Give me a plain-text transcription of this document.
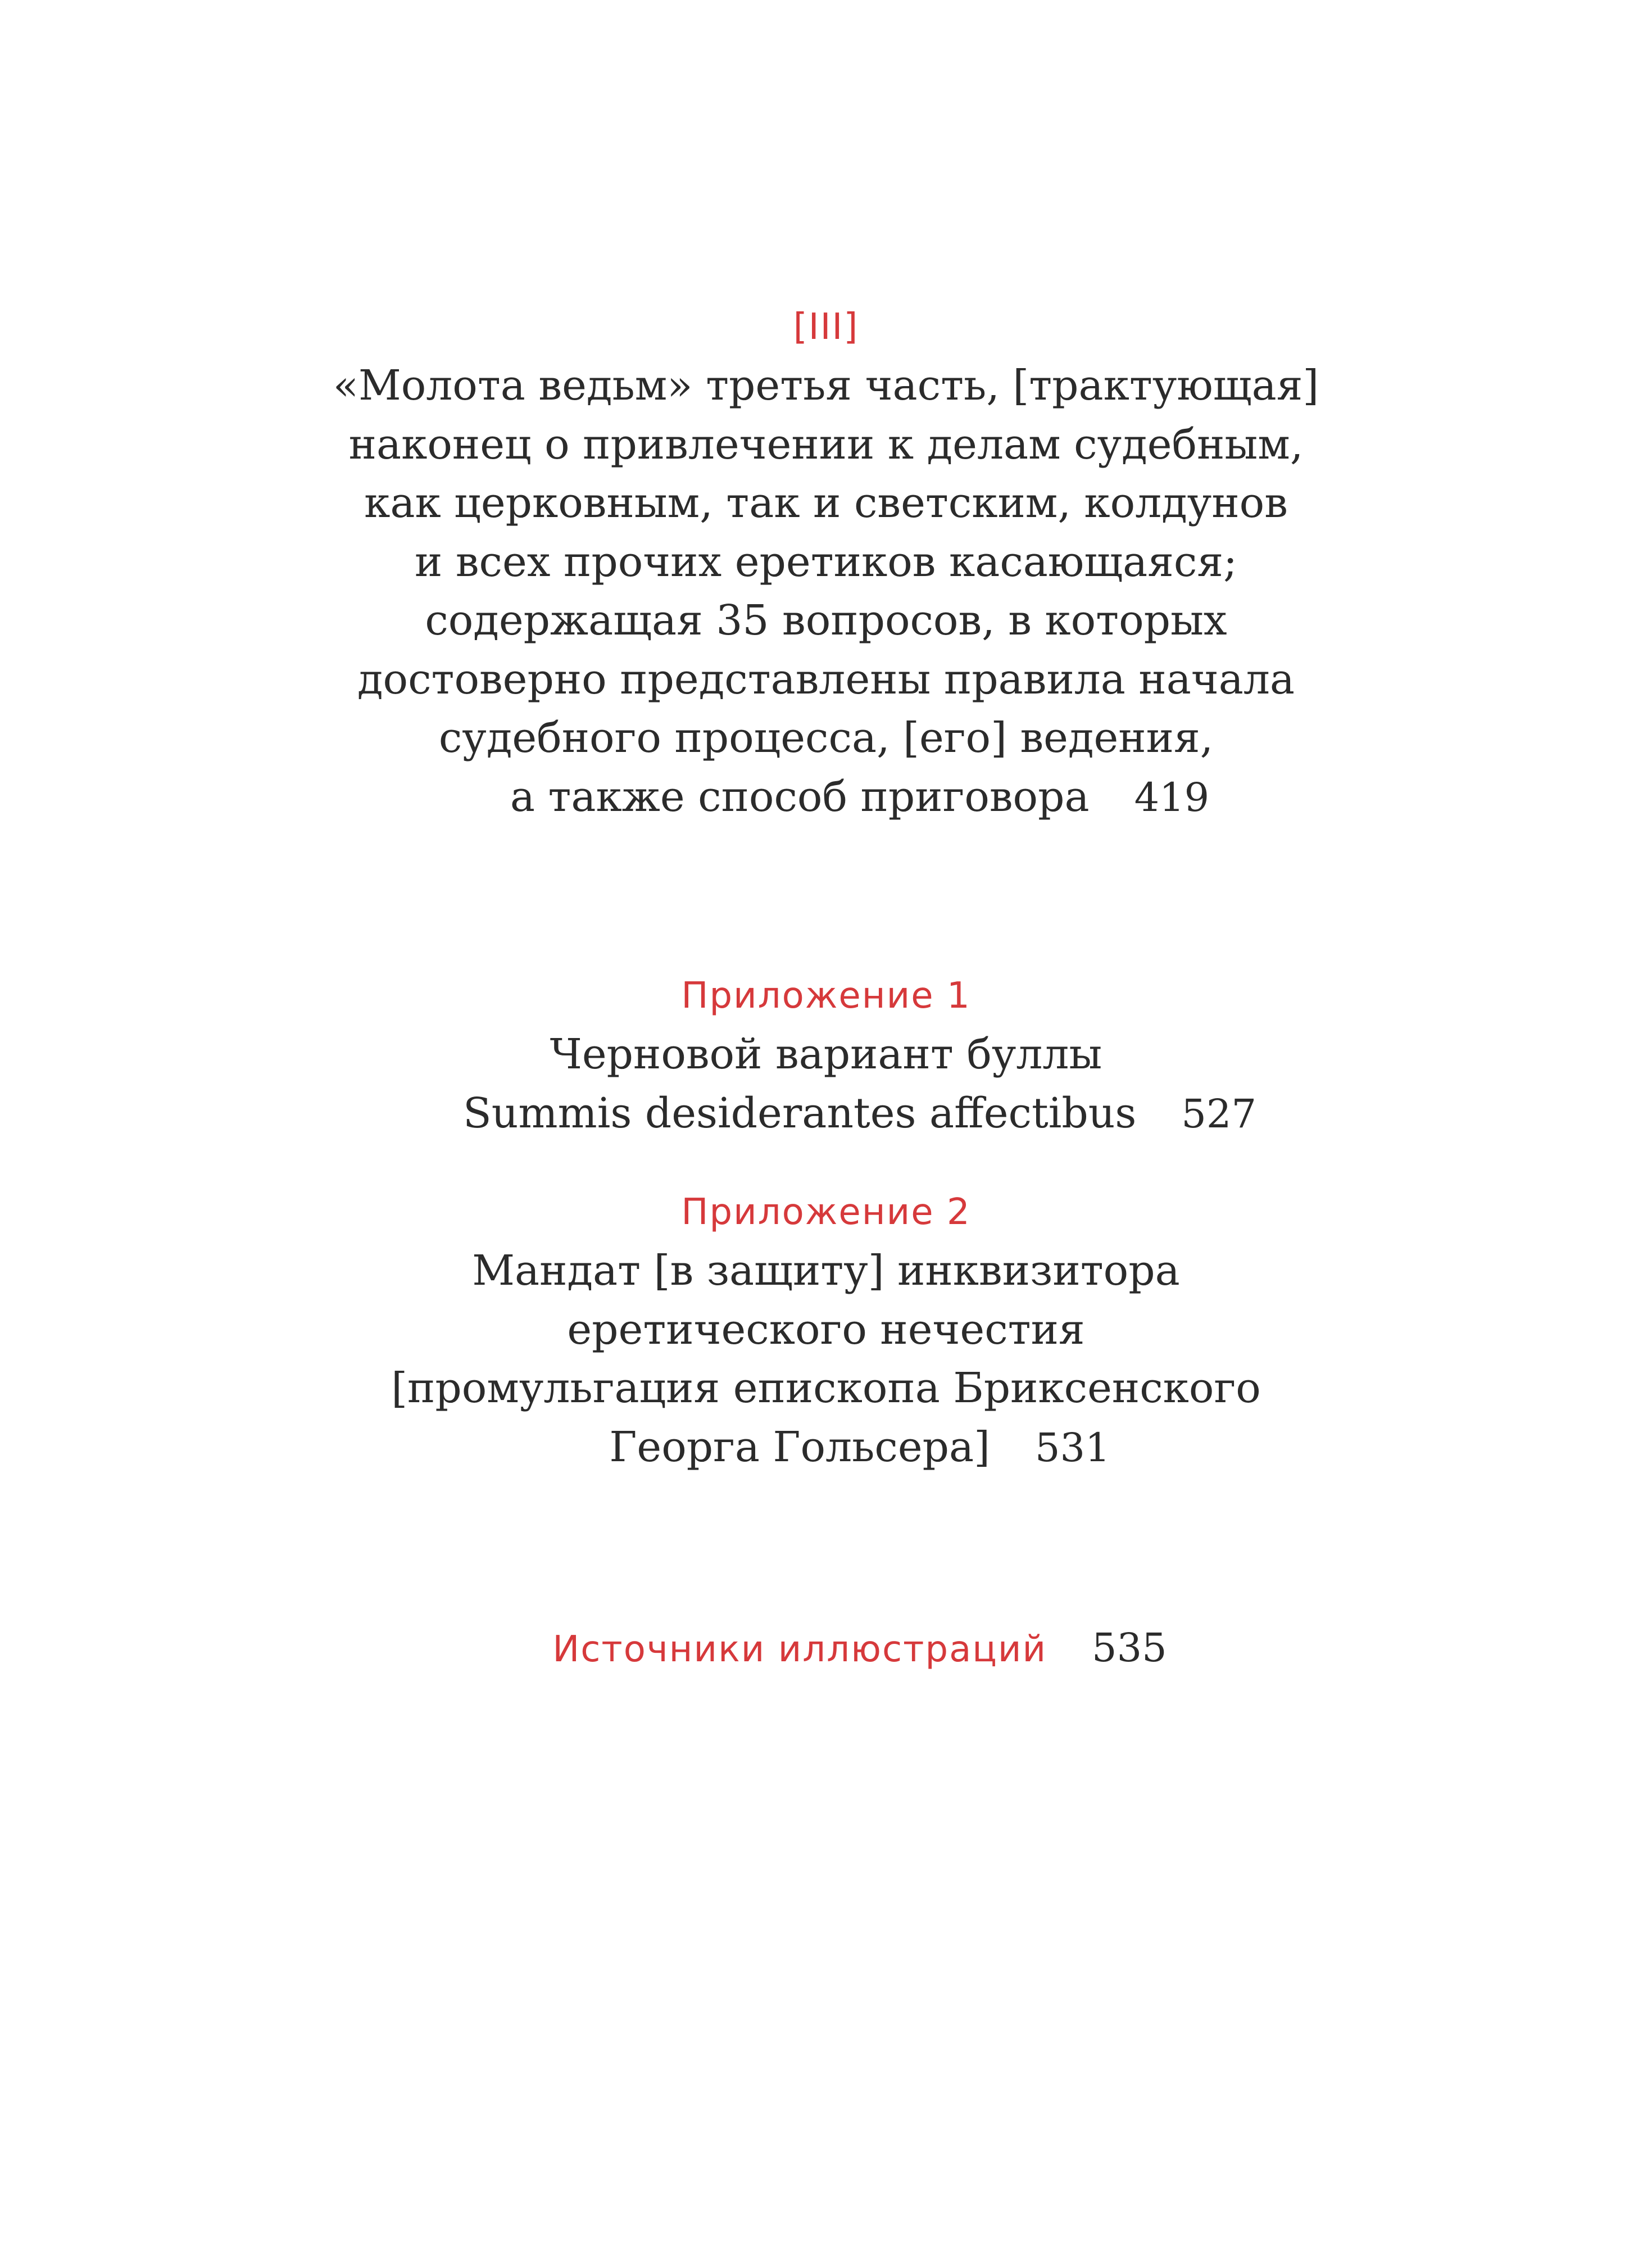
[III]
«Молота ведьм» третья часть, [трактующая]
наконец о привлечении к делам судебным,
как церковным, так и светским, колдунов
и всех прочих еретиков касающаяся;
содержащая 35 вопросов, в которых
достоверно представлены правила начала
судебного процесса, [его] ведения,
а также способ приговора 419
Приложение 1
Черновой вариант буллы
Summis desiderantes affectibus 527
Приложение 2
Мандат [в защиту] инквизитора
еретического нечестия
[промульгация епископа Бриксенского
Георга Гольсера] 531
Источники иллюстраций 535
